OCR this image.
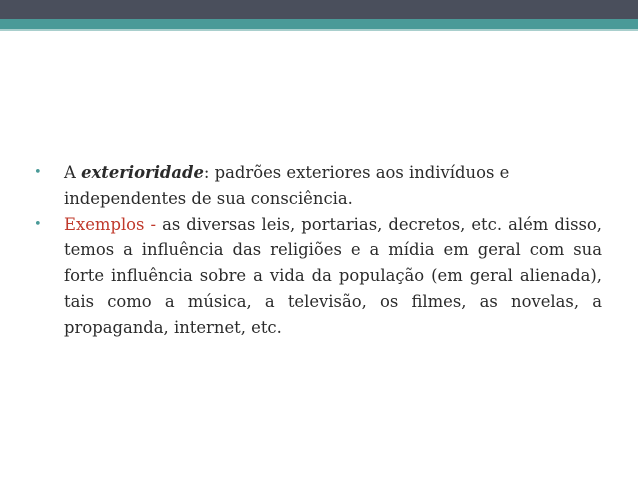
• A exterioridade: padrões exteriores aos indivíduos e independentes de sua consciência.
• Exemplos - as diversas leis, portarias, decretos, etc. além disso, temos a influência das religiões e a mídia em geral com sua forte influência sobre a vida da população (em geral alienada), tais como a música, a televisão, os filmes, as novelas, a propaganda, internet, etc.
